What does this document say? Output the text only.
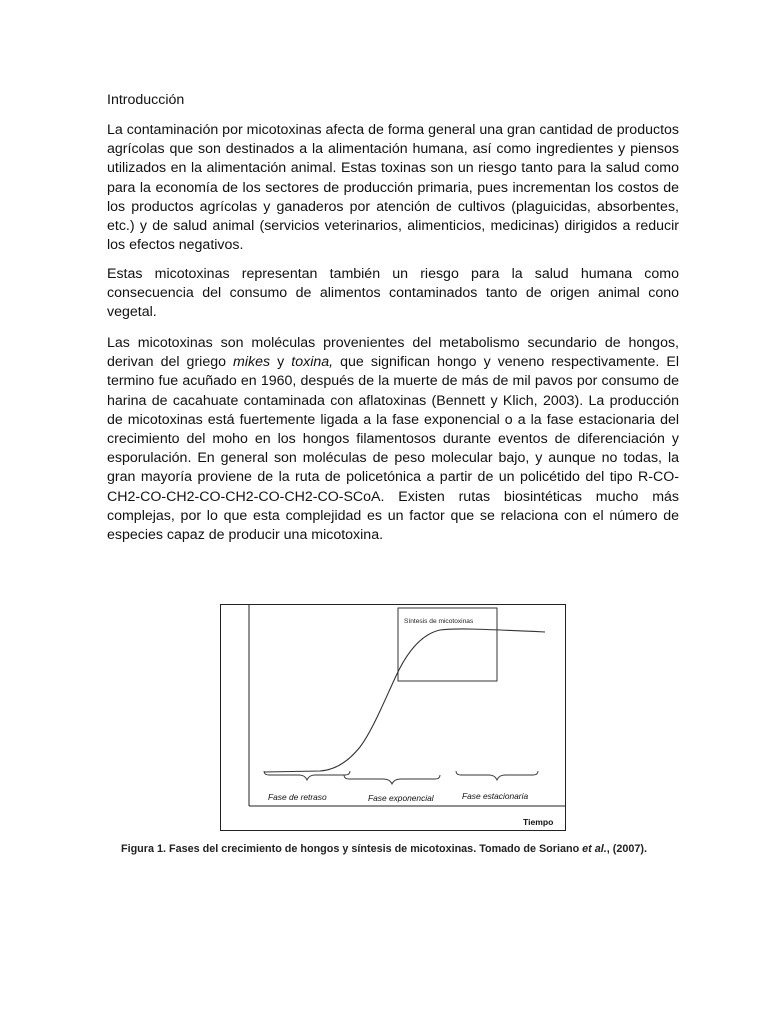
Introducción

La contaminación por micotoxinas afecta de forma general una gran cantidad de productos agrícolas que son destinados a la alimentación humana, así como ingredientes y piensos utilizados en la alimentación animal. Estas toxinas son un riesgo tanto para la salud como para la economía de los sectores de producción primaria, pues incrementan los costos de los productos agrícolas y ganaderos por atención de cultivos (plaguicidas, absorbentes, etc.) y de salud animal (servicios veterinarios, alimenticios, medicinas) dirigidos a reducir los efectos negativos.

Estas micotoxinas representan también un riesgo para la salud humana como consecuencia del consumo de alimentos contaminados tanto de origen animal cono vegetal.

Las micotoxinas son moléculas provenientes del metabolismo secundario de hongos, derivan del griego mikes y toxina, que significan hongo y veneno respectivamente. El termino fue acuñado en 1960, después de la muerte de más de mil pavos por consumo de harina de cacahuate contaminada con aflatoxinas (Bennett y Klich, 2003). La producción de micotoxinas está fuertemente ligada a la fase exponencial o a la fase estacionaria del crecimiento del moho en los hongos filamentosos durante eventos de diferenciación y esporulación. En general son moléculas de peso molecular bajo, y aunque no todas, la gran mayoría proviene de la ruta de policetónica a partir de un policétido del tipo R-CO-CH2-CO-CH2-CO-CH2-CO-CH2-CO-SCoA. Existen rutas biosintéticas mucho más complejas, por lo que esta complejidad es un factor que se relaciona con el número de especies capaz de producir una micotoxina.

Síntesis de micotoxinas
Fase de retraso	Fase exponencial	Fase estacionaria
Tiempo
Figura 1. Fases del crecimiento de hongos y síntesis de micotoxinas. Tomado de Soriano et al., (2007).
